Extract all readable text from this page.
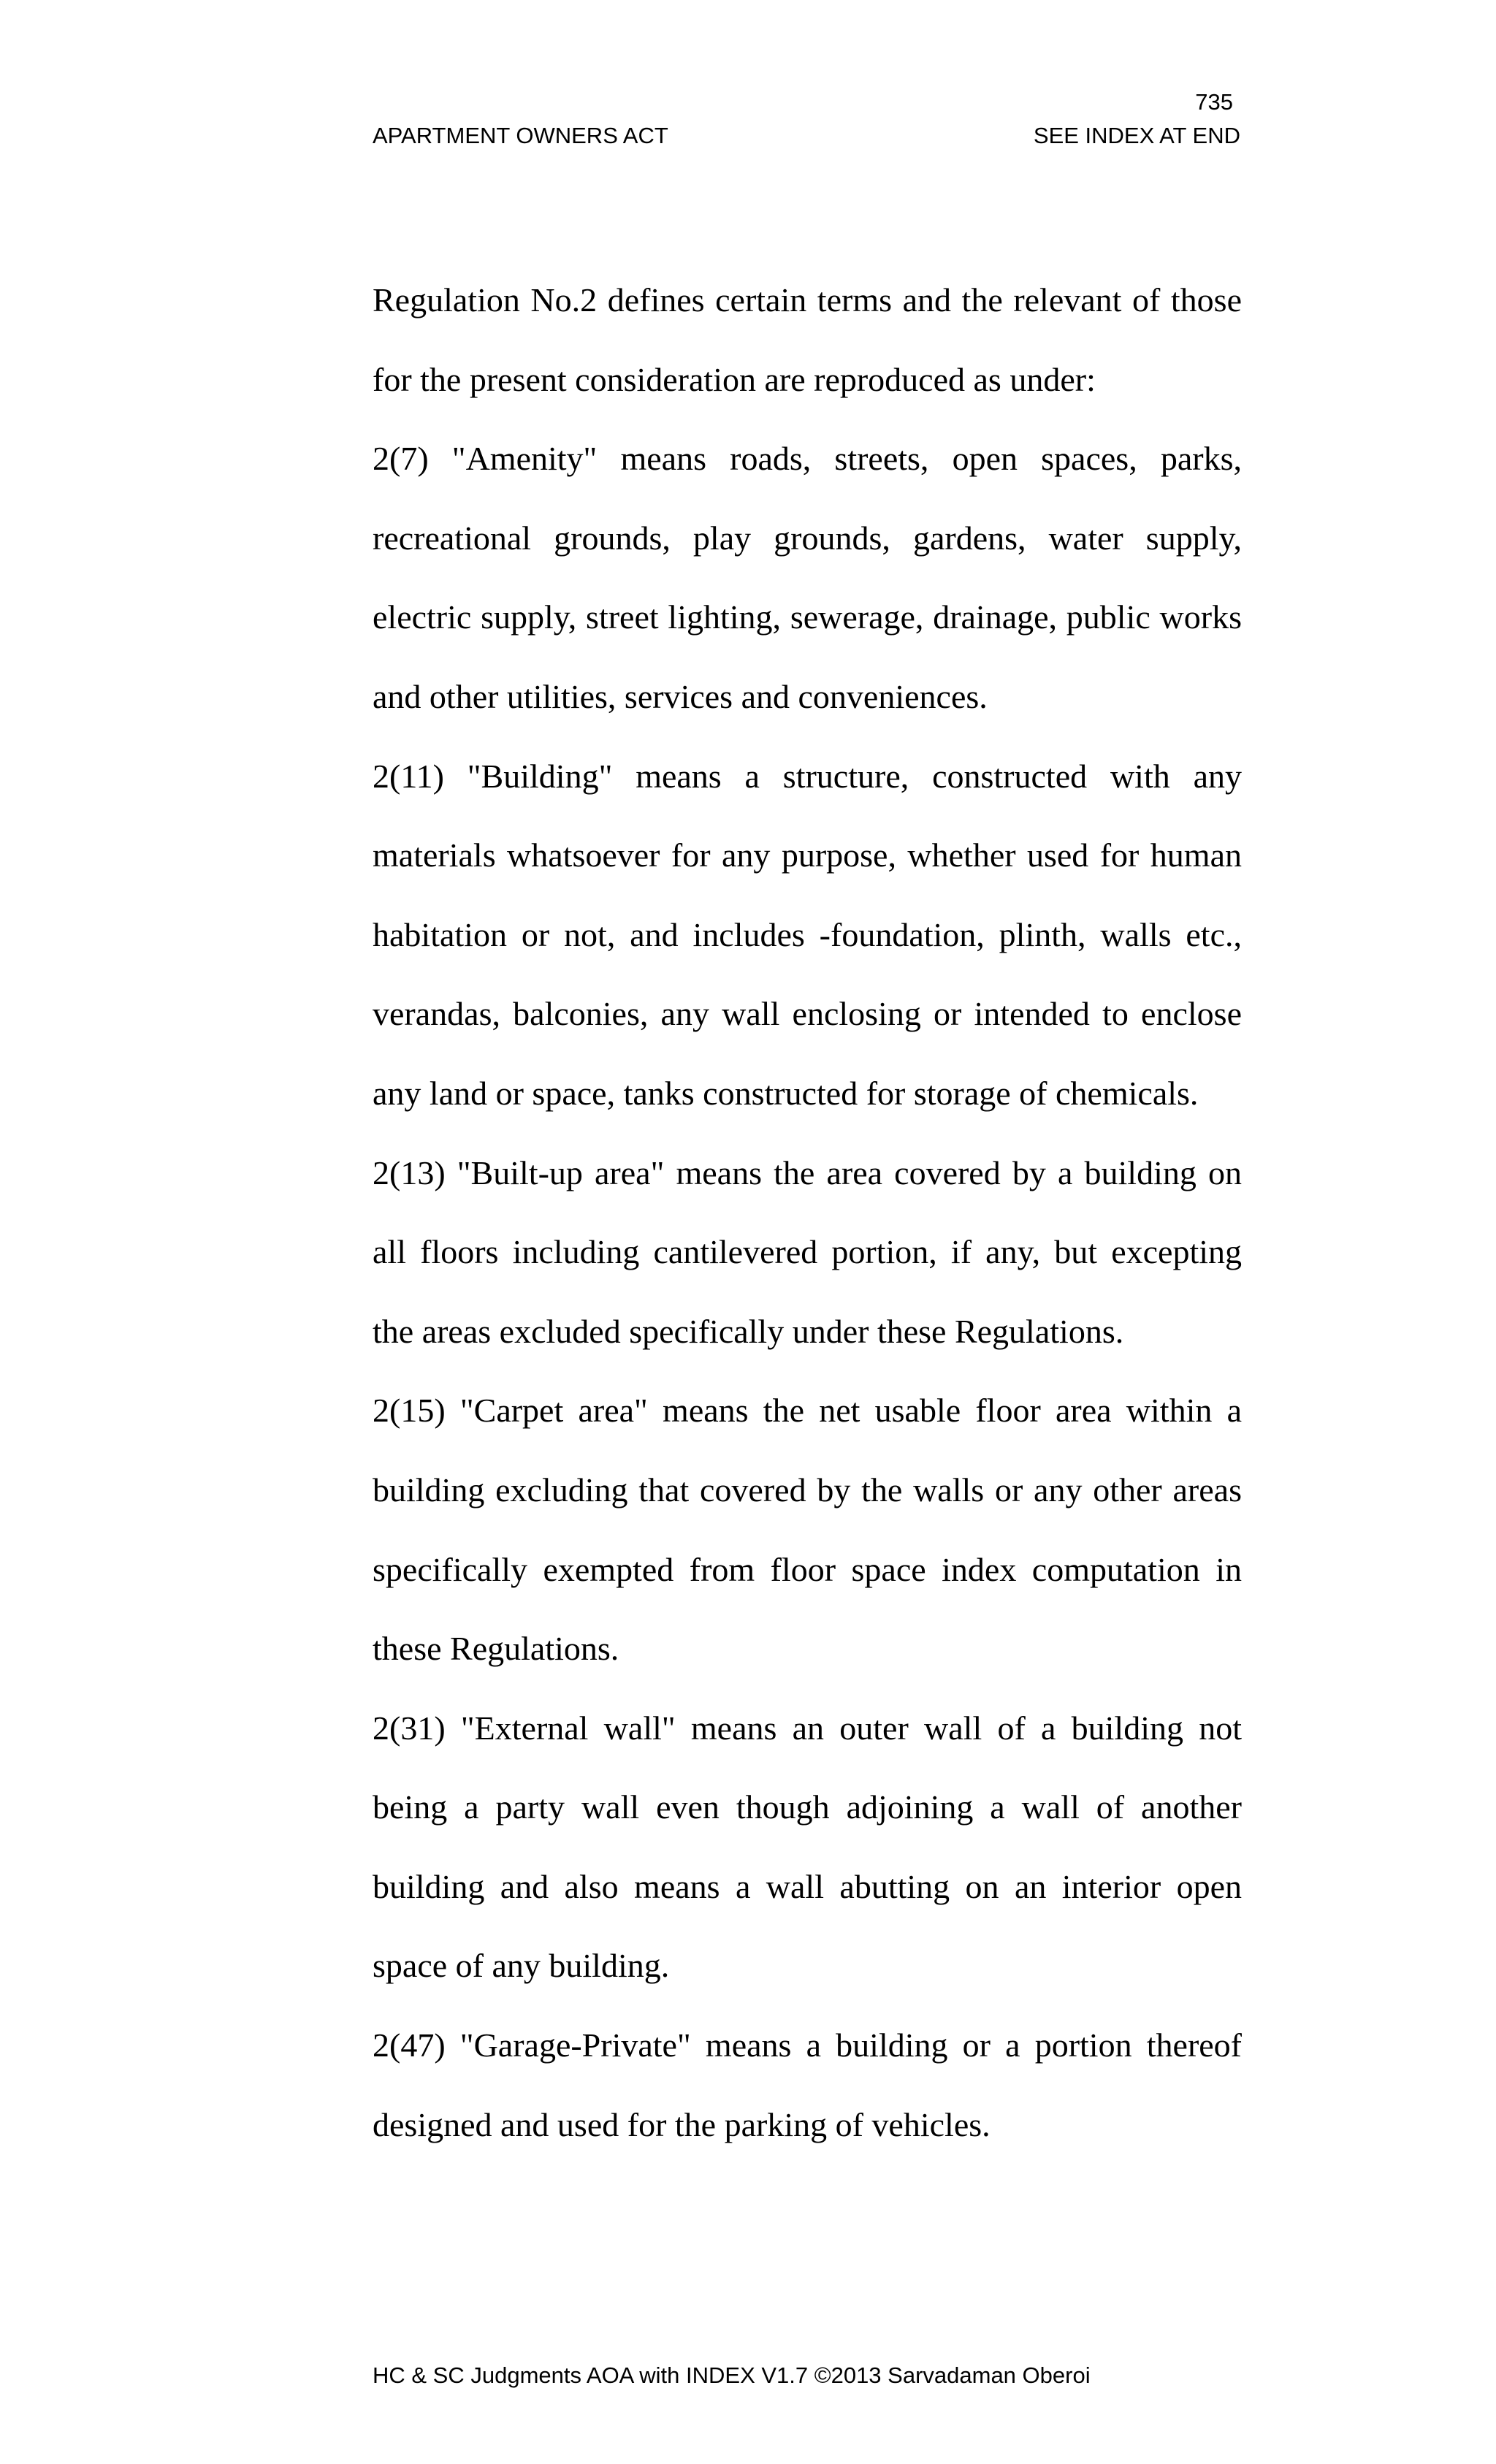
735
APARTMENT OWNERS ACT	SEE INDEX AT END

Regulation No.2 defines certain terms and the relevant of those for the present consideration are reproduced as under:

2(7) "Amenity" means roads, streets, open spaces, parks, recreational grounds, play grounds, gardens, water supply, electric supply, street lighting, sewerage, drainage, public works and other utilities, services and conveniences.

2(11) "Building" means a structure, constructed with any materials whatsoever for any purpose, whether used for human habitation or not, and includes -foundation, plinth, walls etc., verandas, balconies, any wall enclosing or intended to enclose any land or space, tanks constructed for storage of chemicals.

2(13) "Built-up area" means the area covered by a building on all floors including cantilevered portion, if any, but excepting the areas excluded specifically under these Regulations.

2(15) "Carpet area" means the net usable floor area within a building excluding that covered by the walls or any other areas specifically exempted from floor space index computation in these Regulations.

2(31) "External wall" means an outer wall of a building not being a party wall even though adjoining a wall of another building and also means a wall abutting on an interior open space of any building.

2(47) "Garage-Private" means a building or a portion thereof designed and used for the parking of vehicles.

HC & SC Judgments AOA with INDEX V1.7 ©2013 Sarvadaman Oberoi
